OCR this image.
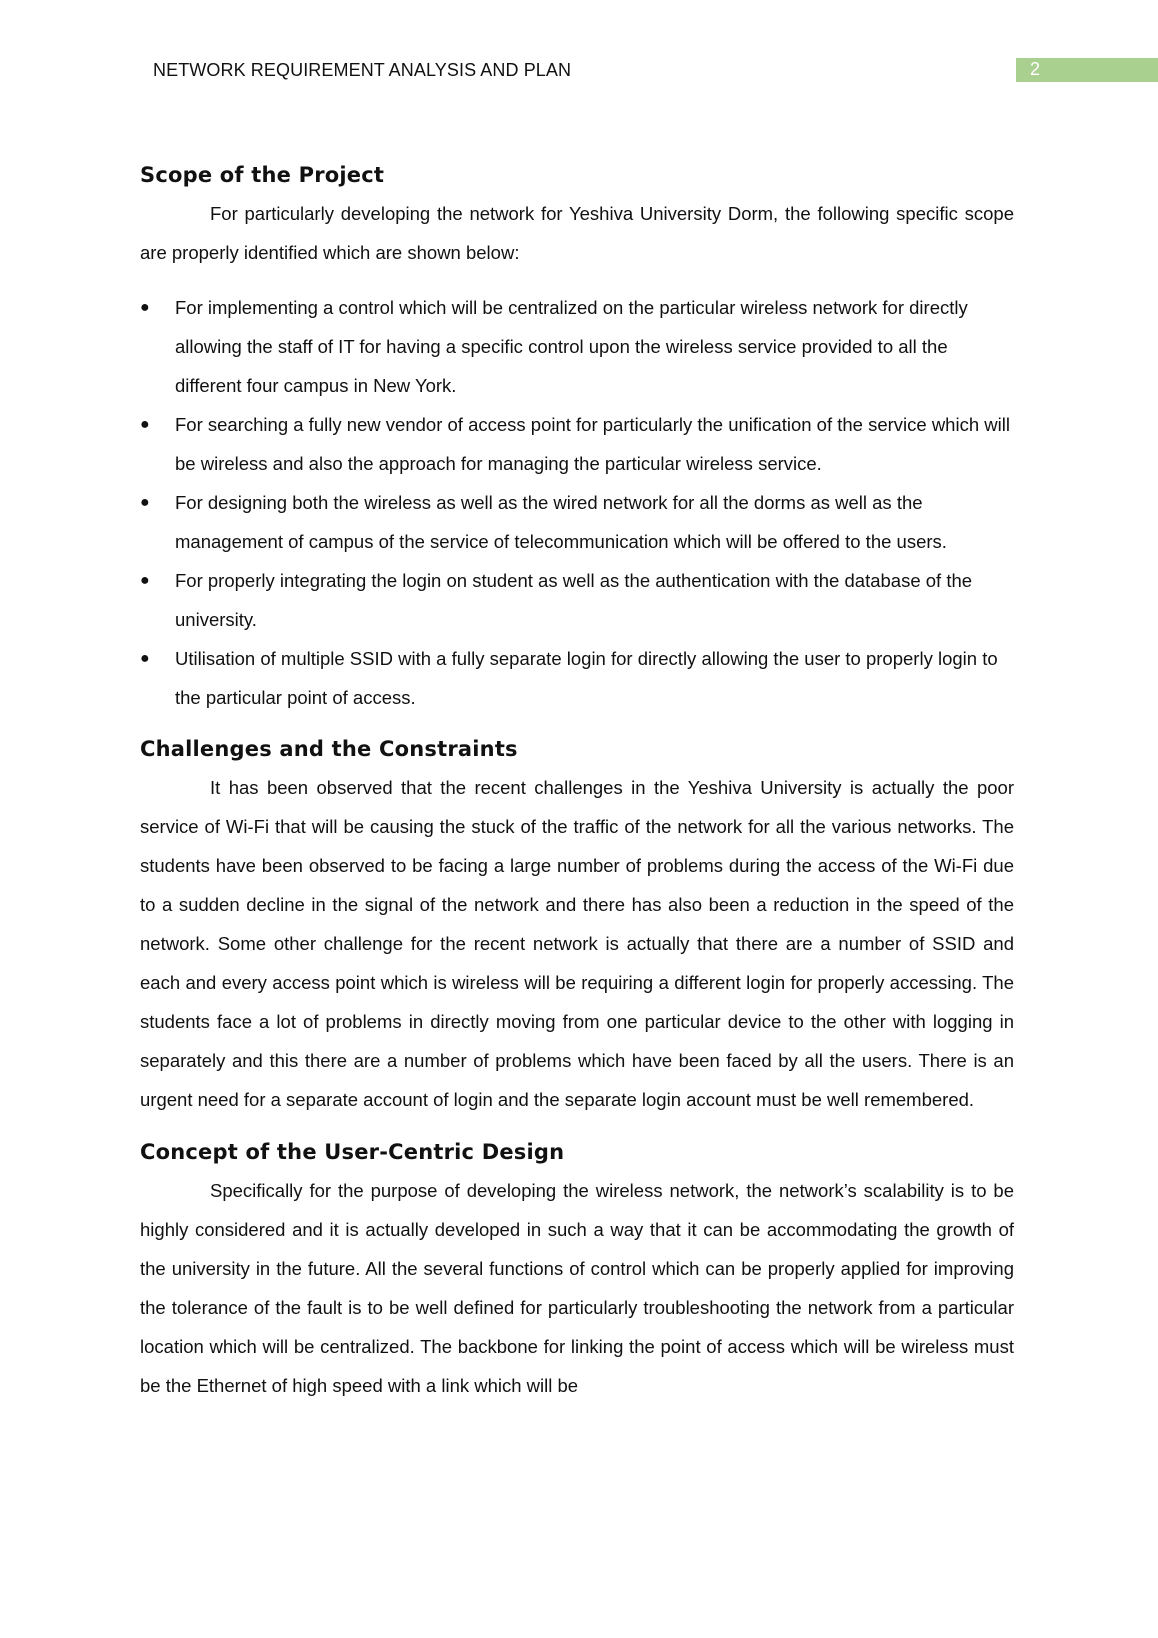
NETWORK REQUIREMENT ANALYSIS AND PLAN	2
Scope of the Project

For particularly developing the network for Yeshiva University Dorm, the following specific scope are properly identified which are shown below:

● For implementing a control which will be centralized on the particular wireless network for directly allowing the staff of IT for having a specific control upon the wireless service provided to all the different four campus in New York.
● For searching a fully new vendor of access point for particularly the unification of the service which will be wireless and also the approach for managing the particular wireless service.
● For designing both the wireless as well as the wired network for all the dorms as well as the management of campus of the service of telecommunication which will be offered to the users.
● For properly integrating the login on student as well as the authentication with the database of the university.
● Utilisation of multiple SSID with a fully separate login for directly allowing the user to properly login to the particular point of access.
Challenges and the Constraints

It has been observed that the recent challenges in the Yeshiva University is actually the poor service of Wi-Fi that will be causing the stuck of the traffic of the network for all the various networks. The students have been observed to be facing a large number of problems during the access of the Wi-Fi due to a sudden decline in the signal of the network and there has also been a reduction in the speed of the network. Some other challenge for the recent network is actually that there are a number of SSID and each and every access point which is wireless will be requiring a different login for properly accessing. The students face a lot of problems in directly moving from one particular device to the other with logging in separately and this there are a number of problems which have been faced by all the users. There is an urgent need for a separate account of login and the separate login account must be well remembered.

Concept of the User-Centric Design

Specifically for the purpose of developing the wireless network, the network’s scalability is to be highly considered and it is actually developed in such a way that it can be accommodating the growth of the university in the future. All the several functions of control which can be properly applied for improving the tolerance of the fault is to be well defined for particularly troubleshooting the network from a particular location which will be centralized. The backbone for linking the point of access which will be wireless must be the Ethernet of high speed with a link which will be
